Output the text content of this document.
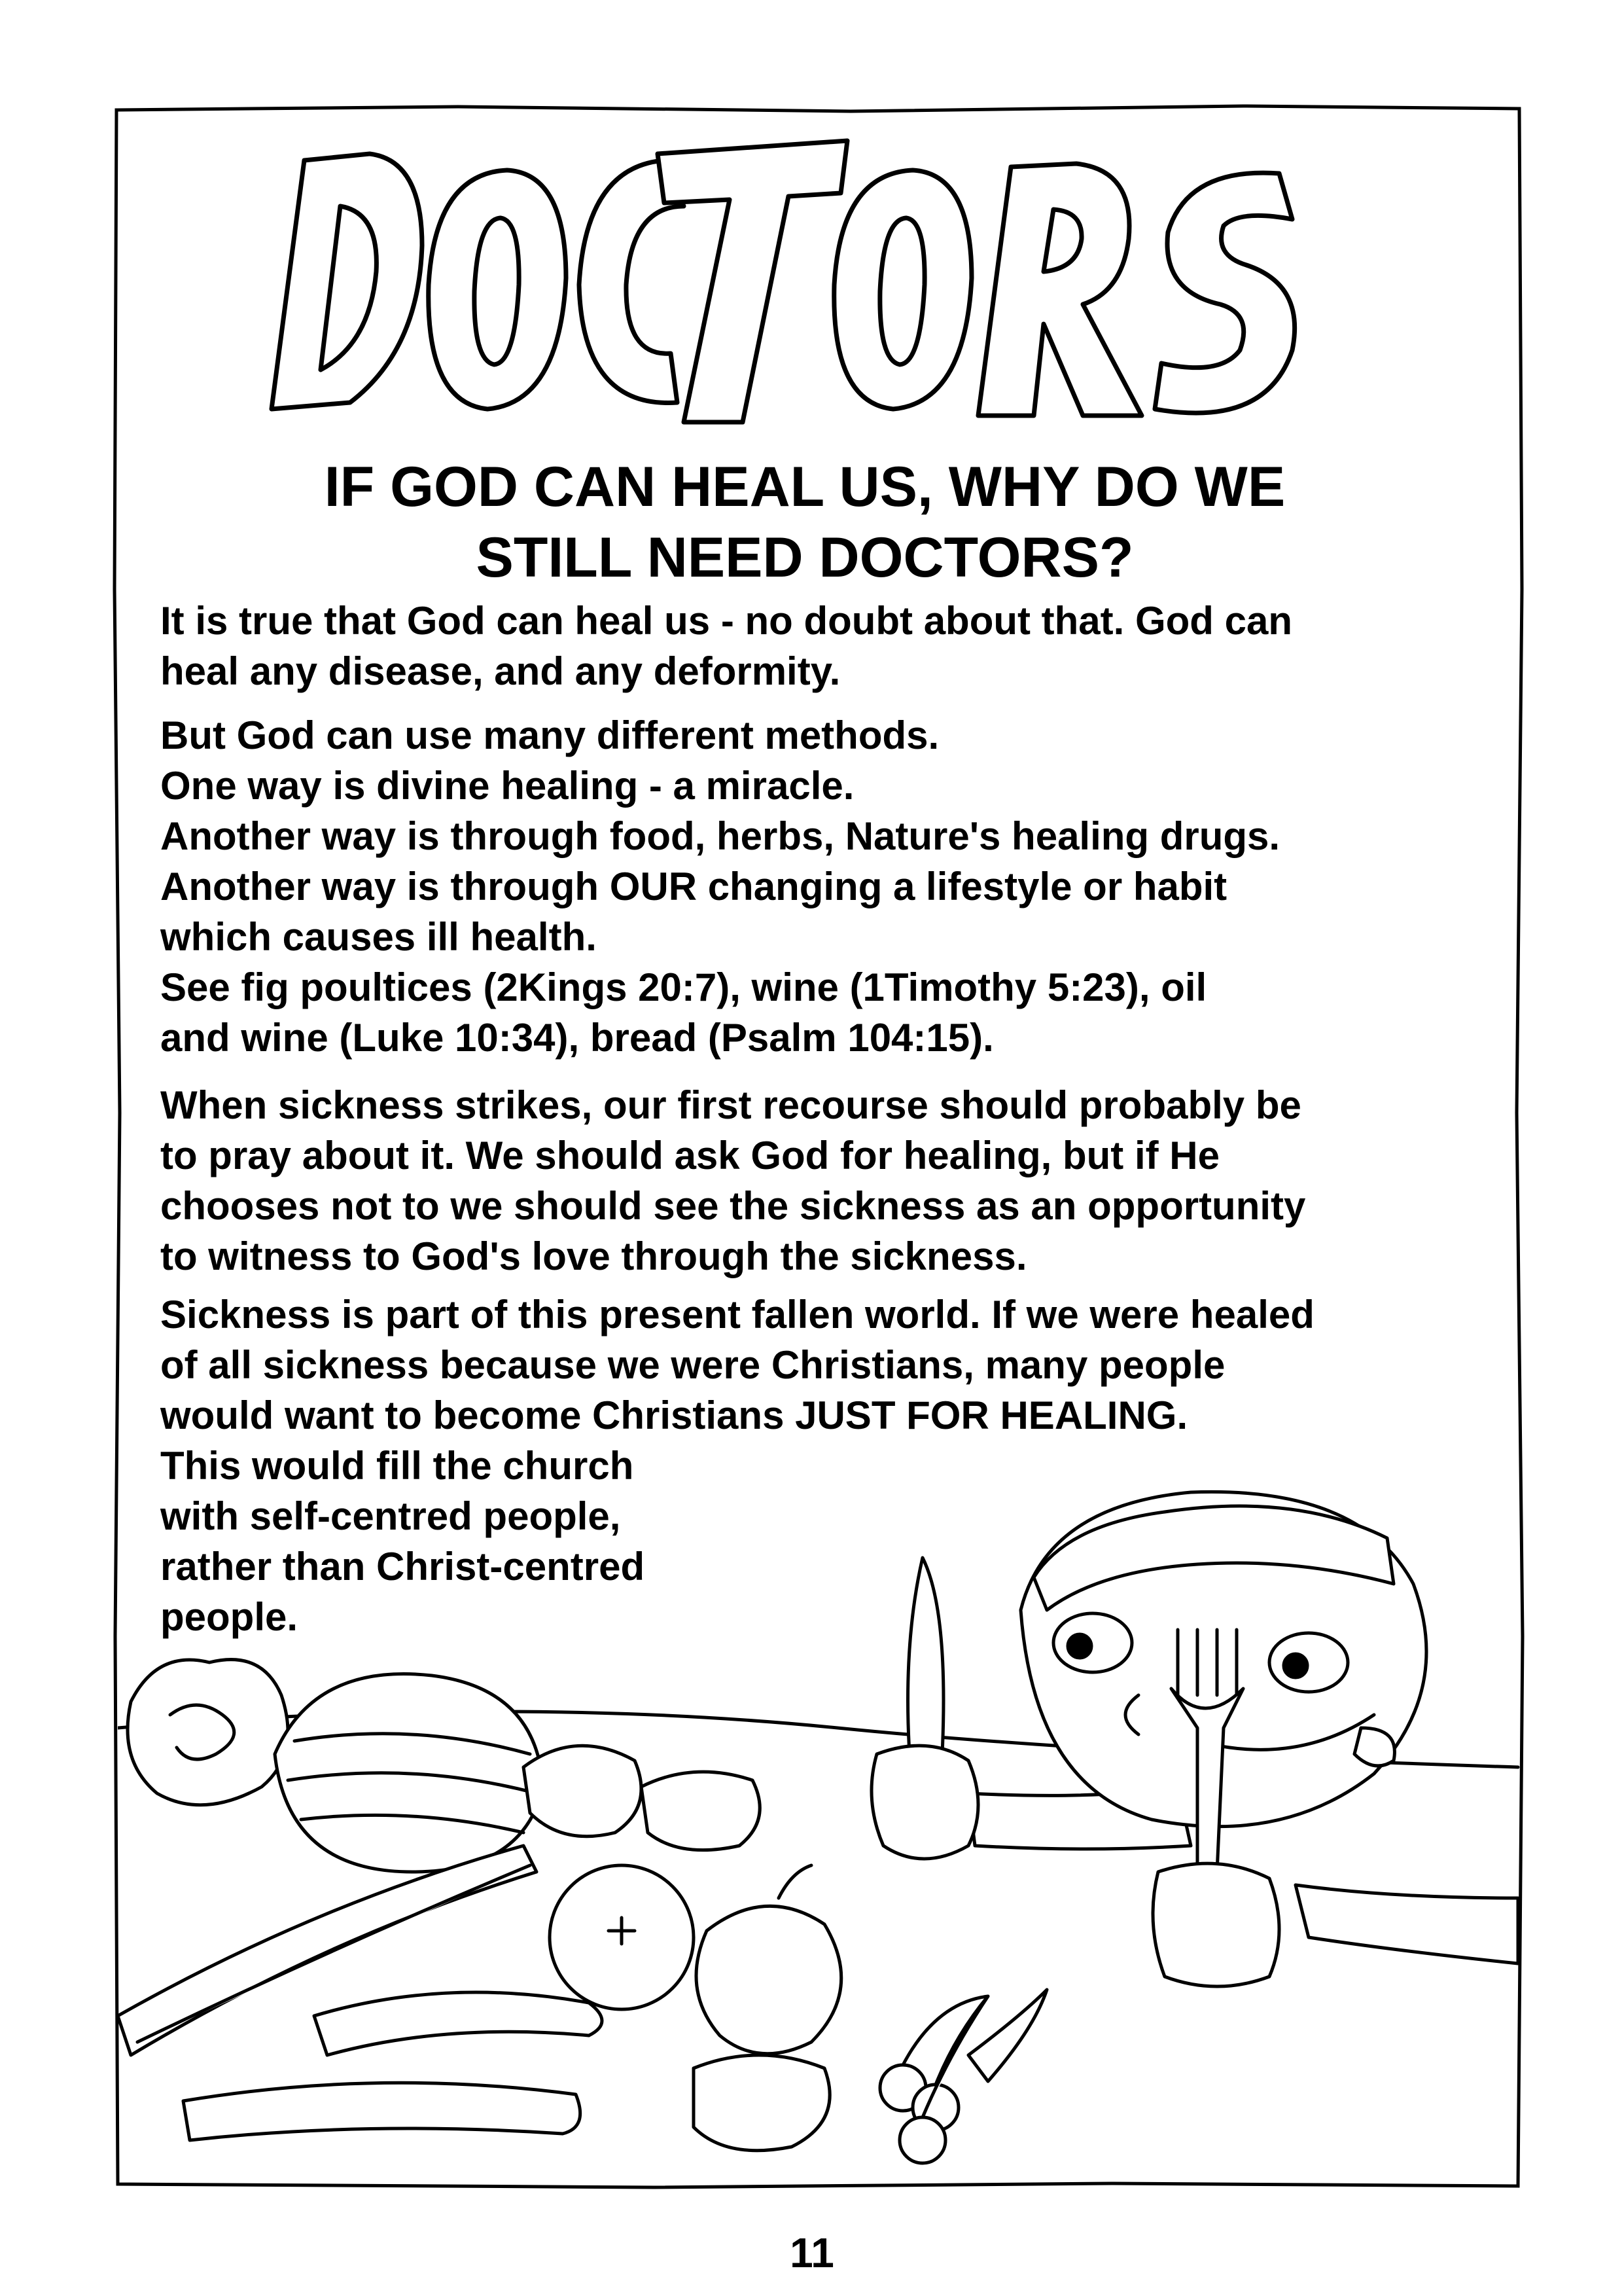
IF GOD CAN HEAL US, WHY DO WE
STILL NEED DOCTORS?
It is true that God can heal us - no doubt about that. God can
heal any disease, and any deformity.
But God can use many different methods.
One way is divine healing - a miracle.
Another way is through food, herbs, Nature's healing drugs.
Another way is through OUR changing a lifestyle or habit
which causes ill health.
See fig poultices (2Kings 20:7), wine (1Timothy 5:23), oil
and wine (Luke 10:34), bread (Psalm 104:15).
When sickness strikes, our first recourse should probably be
to pray about it. We should ask God for healing, but if He
chooses not to we should see the sickness as an opportunity
to witness to God's love through the sickness.
Sickness is part of this present fallen world. If we were healed
of all sickness because we were Christians, many people
would want to become Christians JUST FOR HEALING.
This would fill the church
with self-centred people,
rather than Christ-centred
people.
11
